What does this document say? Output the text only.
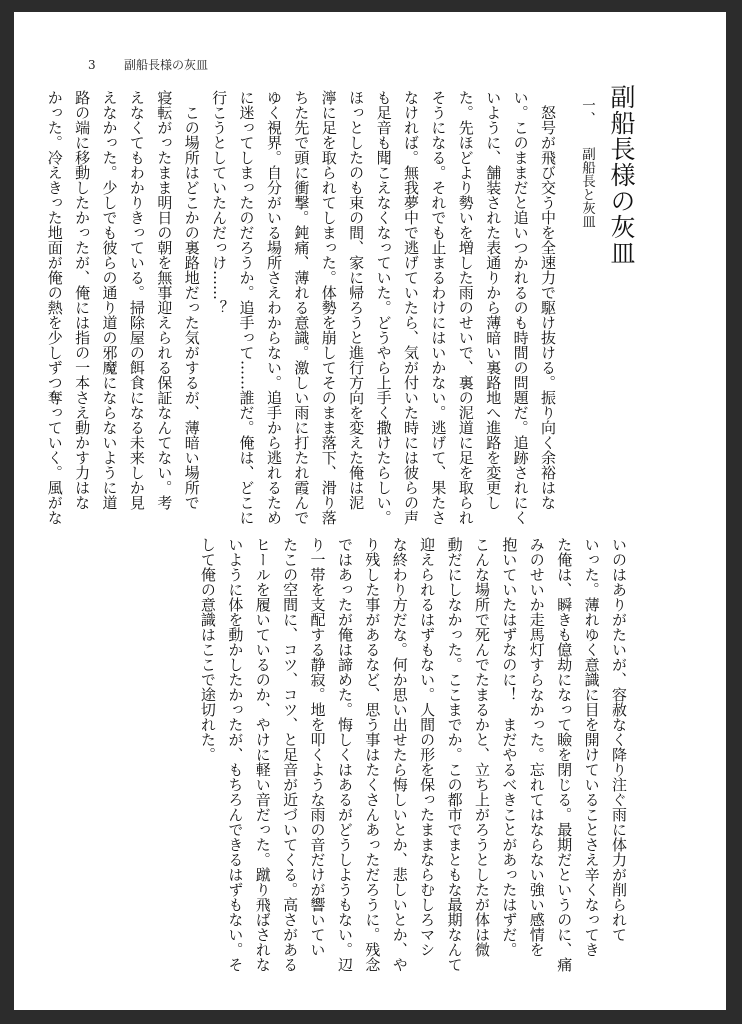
3 副船長様の灰皿
副船長様の灰皿
一、副船長と灰皿
　怒号が飛び交う中を全速力で駆け抜ける。振り向く余裕はな
い。このままだと追いつかれるのも時間の問題だ。追跡されにく
いように、舗装された表通りから薄暗い裏路地へ進路を変更し
た。先ほどより勢いを増した雨のせいで、裏の泥道に足を取られ
そうになる。それでも止まるわけにはいかない。逃げて、果たさ
なければ。無我夢中で逃げていたら、気が付いた時には彼らの声
も足音も聞こえなくなっていた。どうやら上手く撒けたらしい。
ほっとしたのも束の間、家に帰ろうと進行方向を変えた俺は泥
濘に足を取られてしまった。体勢を崩してそのまま落下、滑り落
ちた先で頭に衝撃。鈍痛、薄れる意識。激しい雨に打たれ霞んで
ゆく視界。自分がいる場所さえわからない。追手から逃れるため
に迷ってしまったのだろうか。追手って……誰だ。俺は、どこに
行こうとしていたんだっけ……？
　この場所はどこかの裏路地だった気がするが、薄暗い場所で
寝転がったまま明日の朝を無事迎えられる保証なんてない。考
えなくてもわかりきっている。掃除屋の餌食になる未来しか見
えなかった。少しでも彼らの通り道の邪魔にならないように道
路の端に移動したかったが、俺には指の一本さえ動かす力はな
かった。冷えきった地面が俺の熱を少しずつ奪っていく。風がな
いのはありがたいが、容赦なく降り注ぐ雨に体力が削られて
いった。薄れゆく意識に目を開けていることさえ辛くなってき
た俺は、瞬きも億劫になって瞼を閉じる。最期だというのに、痛
みのせいか走馬灯すらなかった。忘れてはならない強い感情を
抱いていたはずなのに！　まだやるべきことがあったはずだ。
こんな場所で死んでたまるかと、立ち上がろうとしたが体は微
動だにしなかった。ここまでか。この都市でまともな最期なんて
迎えられるはずもない。人間の形を保ったままならむしろマシ
な終わり方だな。何か思い出せたら悔しいとか、悲しいとか、や
り残した事があるなど、思う事はたくさんあっただろうに。残念
ではあったが俺は諦めた。悔しくはあるがどうしようもない。辺
り一帯を支配する静寂。地を叩くような雨の音だけが響いてい
たこの空間に、コツ、コツ、と足音が近づいてくる。高さがある
ヒールを履いているのか、やけに軽い音だった。蹴り飛ばされな
いように体を動かしたかったが、もちろんできるはずもない。そ
して俺の意識はここで途切れた。
